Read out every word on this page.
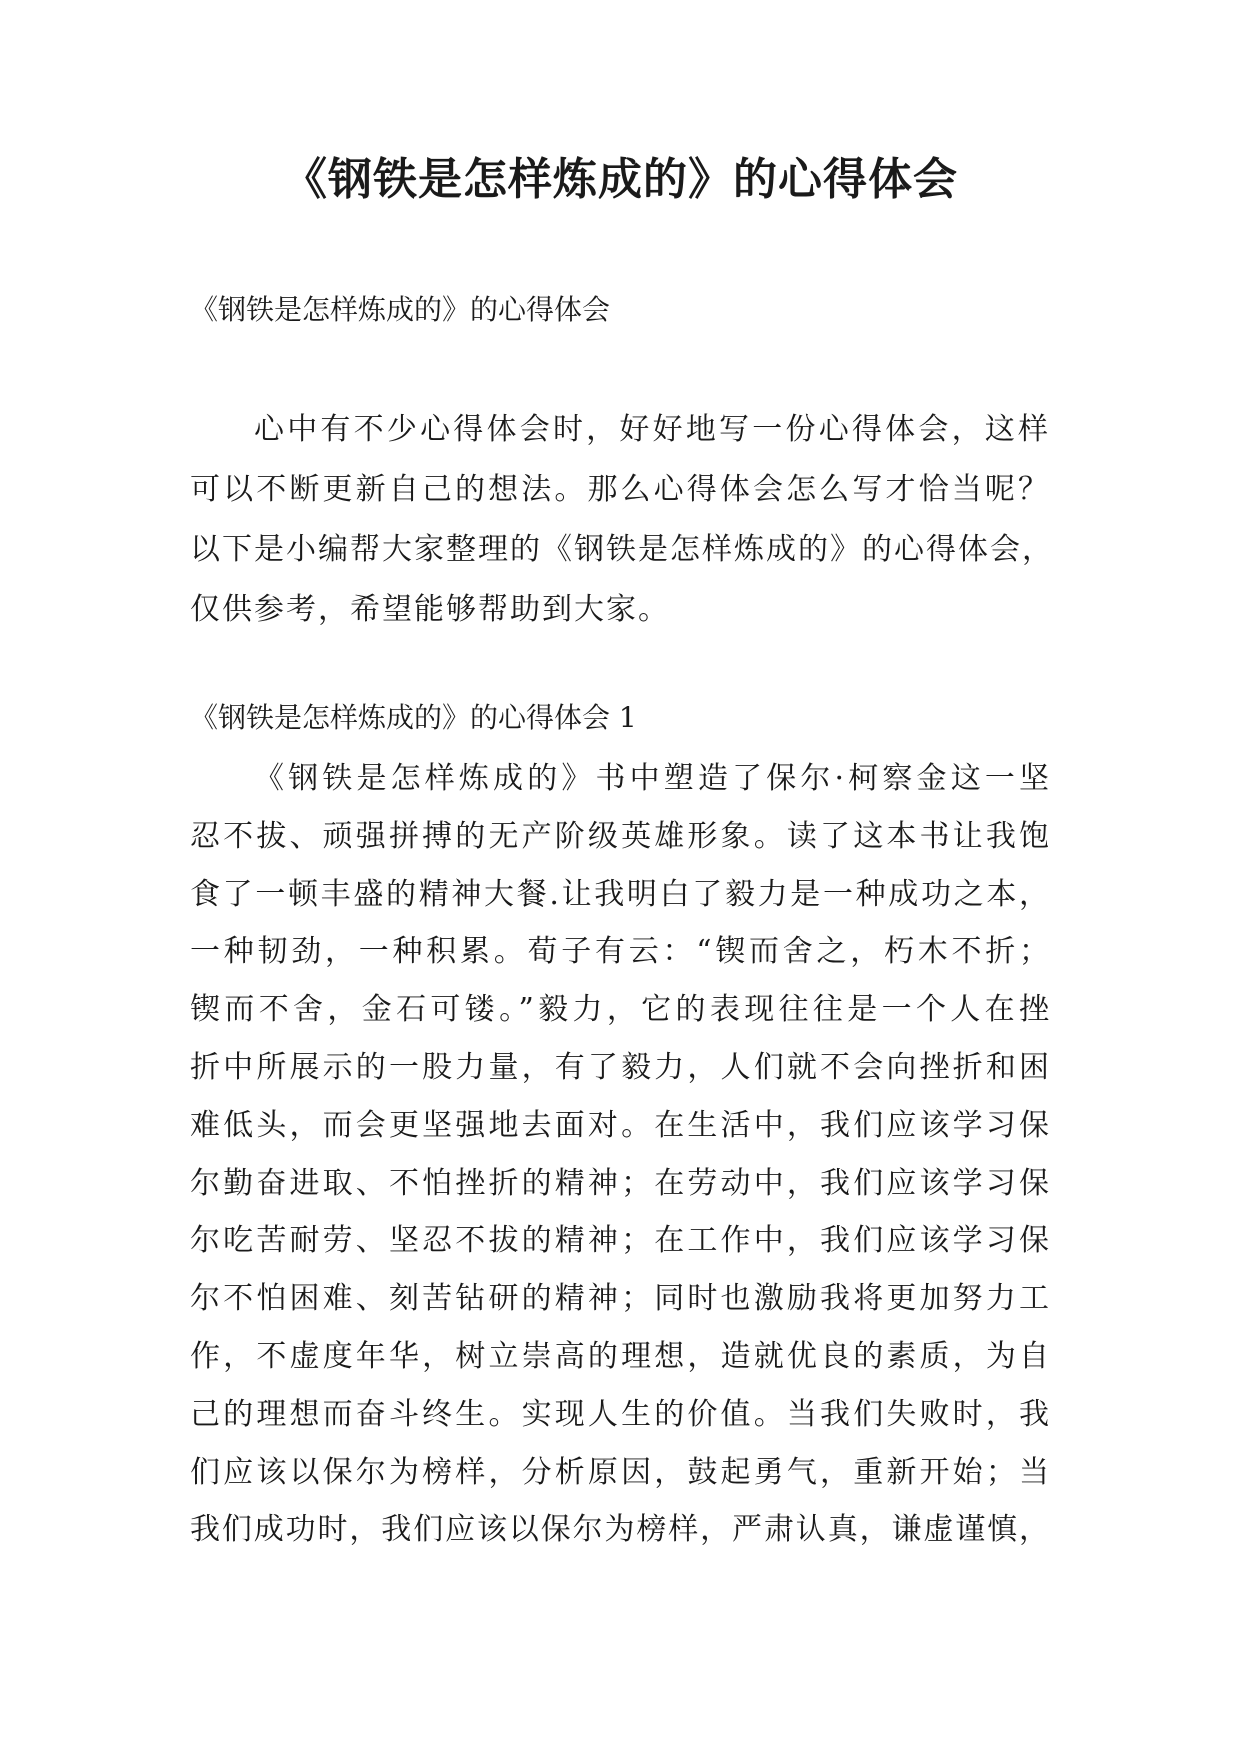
《钢铁是怎样炼成的》的心得体会
《钢铁是怎样炼成的》的心得体会
心中有不少心得体会时，好好地写一份心得体会，这样
可以不断更新自己的想法。那么心得体会怎么写才恰当呢？
以下是小编帮大家整理的《钢铁是怎样炼成的》的心得体会，
仅供参考，希望能够帮助到大家。
《钢铁是怎样炼成的》的心得体会 1
《钢铁是怎样炼成的》书中塑造了保尔·柯察金这一坚
忍不拔、顽强拼搏的无产阶级英雄形象。读了这本书让我饱
食了一顿丰盛的精神大餐.让我明白了毅力是一种成功之本，
一种韧劲，一种积累。荀子有云：“锲而舍之，朽木不折；
锲而不舍，金石可镂。”毅力，它的表现往往是一个人在挫
折中所展示的一股力量，有了毅力，人们就不会向挫折和困
难低头，而会更坚强地去面对。在生活中，我们应该学习保
尔勤奋进取、不怕挫折的精神；在劳动中，我们应该学习保
尔吃苦耐劳、坚忍不拔的精神；在工作中，我们应该学习保
尔不怕困难、刻苦钻研的精神；同时也激励我将更加努力工
作，不虚度年华，树立崇高的理想，造就优良的素质，为自
己的理想而奋斗终生。实现人生的价值。当我们失败时，我
们应该以保尔为榜样，分析原因，鼓起勇气，重新开始；当
我们成功时，我们应该以保尔为榜样，严肃认真，谦虚谨慎，
